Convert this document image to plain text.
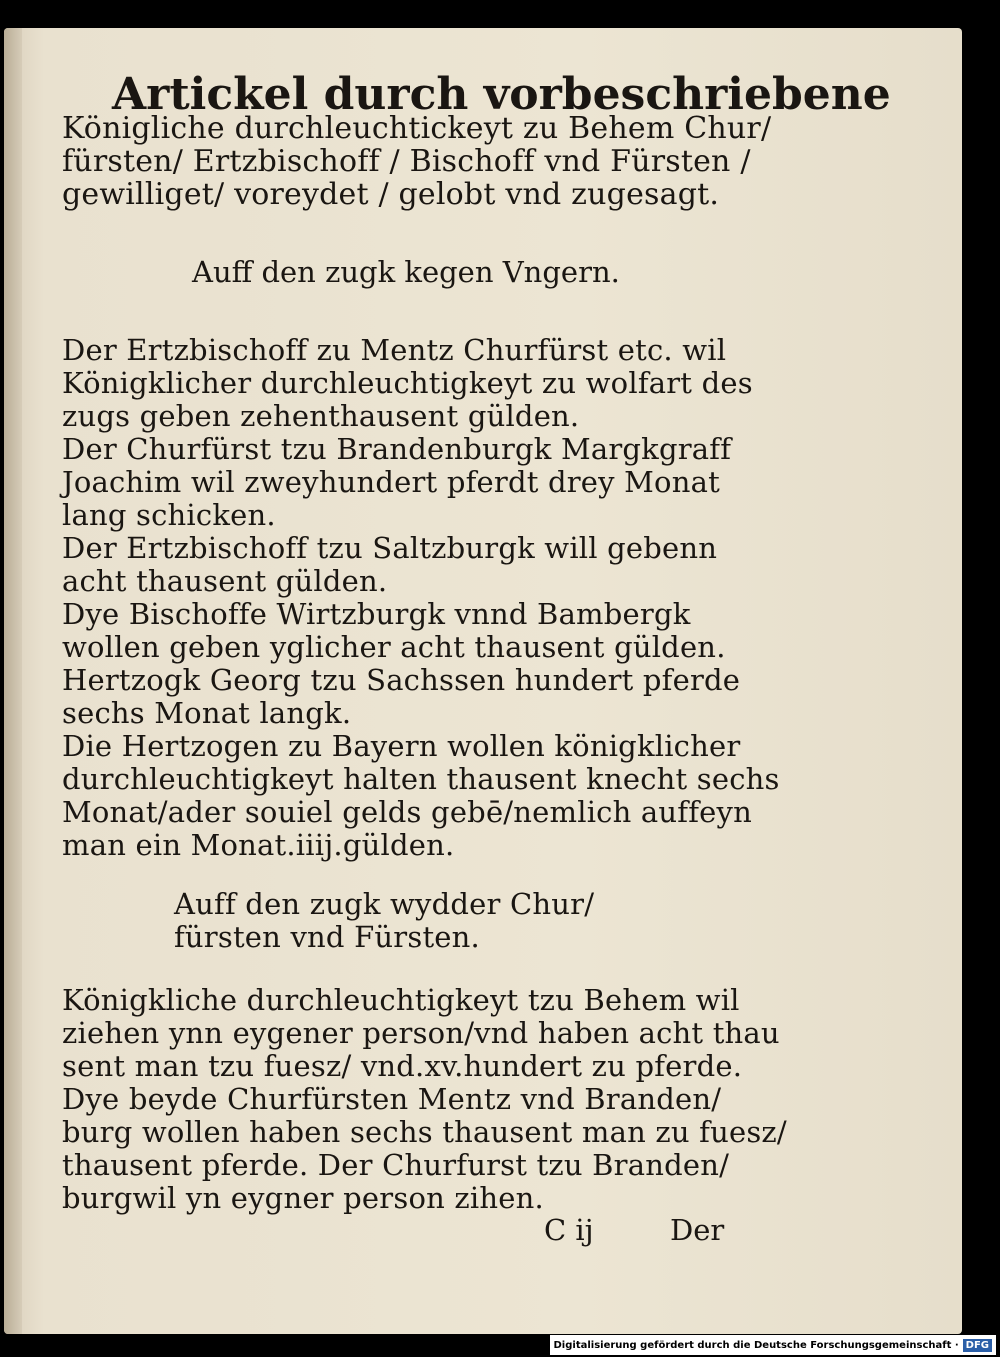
Artickel durch vorbeschriebene
Königliche durchleuchtickeyt zu Behem Chur/
fürsten/ Ertzbischoff / Bischoff vnd Fürsten /
gewilliget/ vorеydet / gelobt vnd zugesagt.
Auff den zugk kegen Vngern.
Der Ertzbischoff zu Mentz Churfürst etc. wil
Königklicher durchleuchtigkeyt zu wolfart des
zugs geben zehenthausent gülden.
Der Churfürst tzu Brandenburgk Margkgraff
Joachim wil zweyhundert pferdt drey Monat
lang schicken.
Der Ertzbischoff tzu Saltzburgk will gebenn
acht thausent gülden.
Dye Bischoffe Wirtzburgk vnnd Bambergk
wollen geben yglicher acht thausent gülden.
Hertzogk Georg tzu Sachssen hundert pferde
sechs Monat langk.
Die Hertzogen zu Bayern wollen königklicher
durchleuchtigkeyt halten thausent knecht sechs
Monat/ader souiel gelds gebē/nemlich auffeyn
man ein Monat.iiij.gülden.
Auff den zugk wydder Chur/
fürsten vnd Fürsten.
Königkliche durchleuchtigkeyt tzu Behem wil
ziehen ynn eygener person/vnd haben acht thau
sent man tzu fuesz/ vnd.xv.hundert zu pferde.
Dye beyde Churfürsten Mentz vnd Branden/
burg wollen haben sechs thausent man zu fuesz/
thausent pferde. Der Churfurst tzu Branden/
burgwil yn eygner person zihen.
C ij	Der
Digitalisierung gefördert durch die Deutsche Forschungsgemeinschaft · DFG
